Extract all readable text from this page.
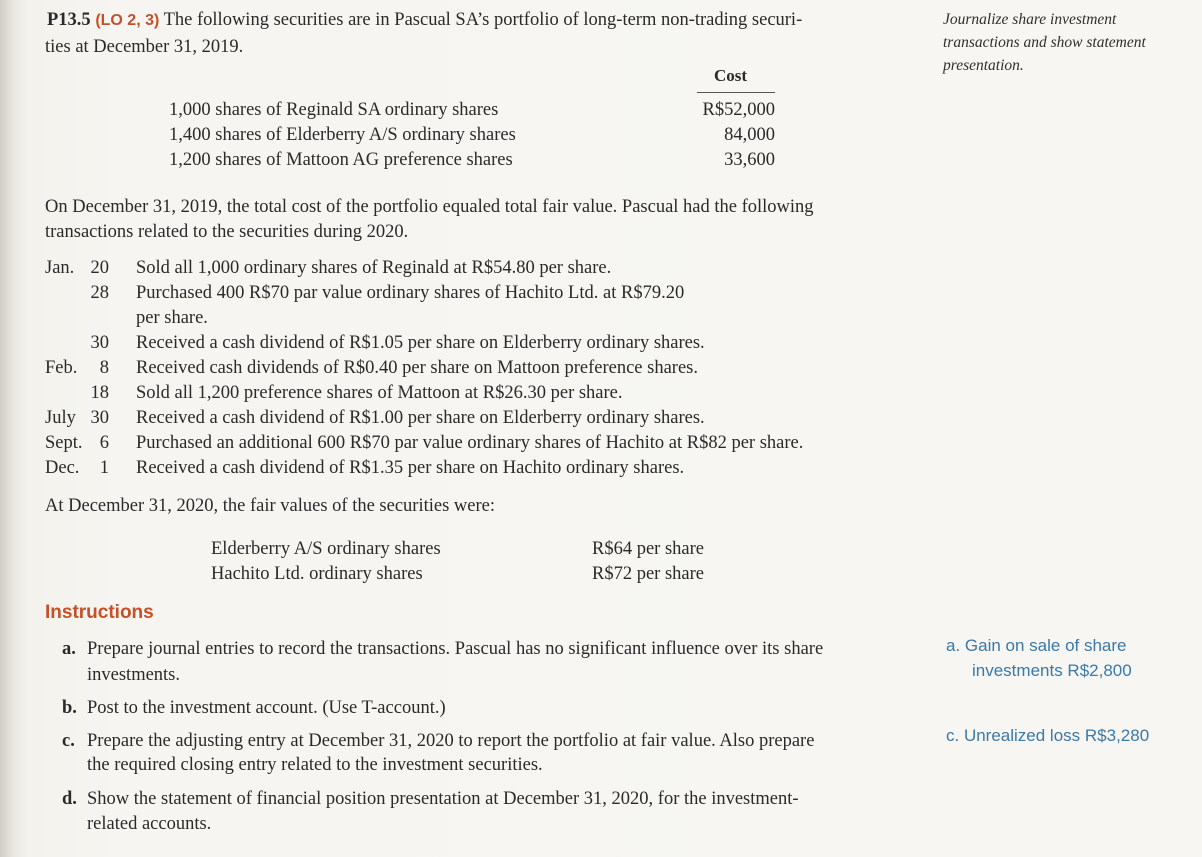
P13.5 (LO 2, 3) The following securities are in Pascual SA’s portfolio of long-term non-trading securi-
ties at December 31, 2019.
Journalize share investment
transactions and show statement
presentation.
Cost
1,000 shares of Reginald SA ordinary shares	R$52,000
1,400 shares of Elderberry A/S ordinary shares	84,000
1,200 shares of Mattoon AG preference shares	33,600
On December 31, 2019, the total cost of the portfolio equaled total fair value. Pascual had the following
transactions related to the securities during 2020.
Jan. 20 Sold all 1,000 ordinary shares of Reginald at R$54.80 per share.
28 Purchased 400 R$70 par value ordinary shares of Hachito Ltd. at R$79.20
per share.
30 Received a cash dividend of R$1.05 per share on Elderberry ordinary shares.
Feb.	8 Received cash dividends of R$0.40 per share on Mattoon preference shares.
18 Sold all 1,200 preference shares of Mattoon at R$26.30 per share.
July 30 Received a cash dividend of R$1.00 per share on Elderberry ordinary shares.
Sept. 6 Purchased an additional 600 R$70 par value ordinary shares of Hachito at R$82 per share.
Dec.	1 Received a cash dividend of R$1.35 per share on Hachito ordinary shares.
At December 31, 2020, the fair values of the securities were:
Elderberry A/S ordinary shares	R$64 per share
Hachito Ltd. ordinary shares	R$72 per share
Instructions
a. Prepare journal entries to record the transactions. Pascual has no significant influence over its share
investments.
b. Post to the investment account. (Use T-account.)
c. Prepare the adjusting entry at December 31, 2020 to report the portfolio at fair value. Also prepare
the required closing entry related to the investment securities.
d. Show the statement of financial position presentation at December 31, 2020, for the investment-
related accounts.
a. Gain on sale of share
investments R$2,800
c. Unrealized loss R$3,280
